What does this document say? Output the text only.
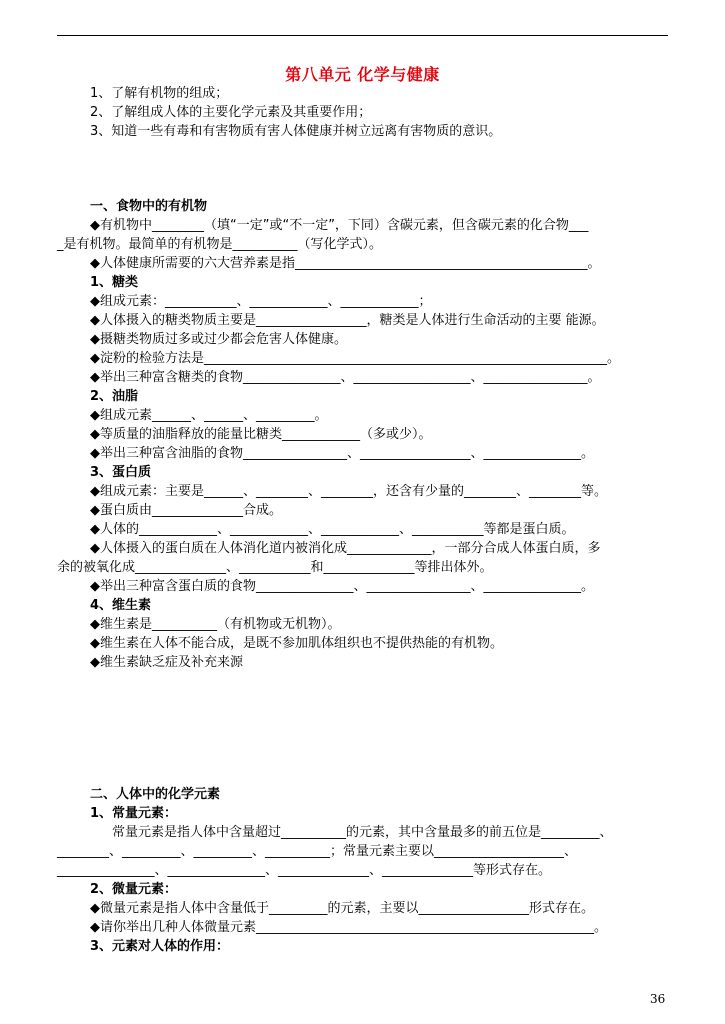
第八单元 化学与健康
1、了解有机物的组成；
2、了解组成人体的主要化学元素及其重要作用；
3、知道一些有毒和有害物质有害人体健康并树立远离有害物质的意识。
一、食物中的有机物
◆有机物中________（填“一定”或“不一定”，下同）含碳元素，但含碳元素的化合物___
_是有机物。最简单的有机物是__________（写化学式）。
◆人体健康所需要的六大营养素是指_____________________________________________。
1、糖类
◆组成元素：___________、____________、____________；
◆人体摄入的糖类物质主要是_________________，糖类是人体进行生命活动的主要 能源。
◆摄糖类物质过多或过少都会危害人体健康。
◆淀粉的检验方法是______________________________________________________________。
◆举出三种富含糖类的食物_______________、__________________、________________。
2、油脂
◆组成元素______、______、_________。
◆等质量的油脂释放的能量比糖类____________（多或少）。
◆举出三种富含油脂的食物________________、_________________、_______________。
3、蛋白质
◆组成元素：主要是______、________、________，还含有少量的________、________等。
◆蛋白质由______________合成。
◆人体的____________、____________、____________、___________等都是蛋白质。
◆人体摄入的蛋白质在人体消化道内被消化成_____________，一部分合成人体蛋白质，多
余的被氧化成______________、___________和______________等排出体外。
◆举出三种富含蛋白质的食物_______________、________________、_______________。
4、维生素
◆维生素是__________（有机物或无机物）。
◆维生素在人体不能合成，是既不参加肌体组织也不提供热能的有机物。
◆维生素缺乏症及补充来源
二、人体中的化学元素
1、常量元素：
常量元素是指人体中含量超过__________的元素，其中含量最多的前五位是_________、
________、_________、_________、__________；常量元素主要以____________________、
_______________、_______________、______________、______________等形式存在。
2、微量元素：
◆微量元素是指人体中含量低于_________的元素，主要以_________________形式存在。
◆请你举出几种人体微量元素____________________________________________________。
3、元素对人体的作用：
36
